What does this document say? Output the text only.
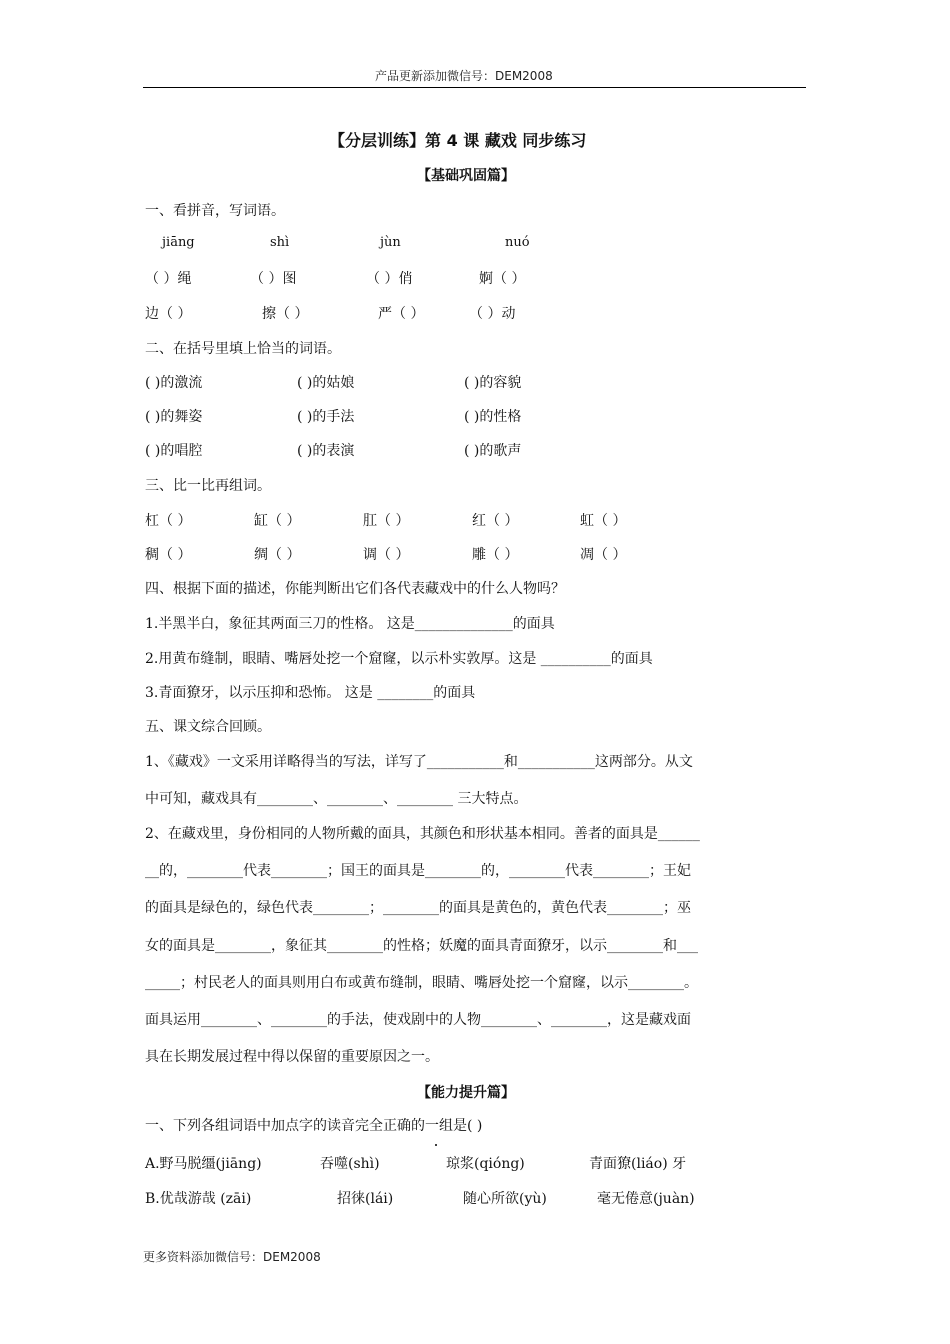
产品更新添加微信号：DEM2008
【分层训练】第 4 课 藏戏 同步练习
【基础巩固篇】
一、看拼音，写词语。
jiāng	shì	jùn	nuó
（ ）绳	（ ）图	（ ）俏	婀（ ）
边（ ）	擦（ ）	严（ ）	（ ）动
二、在括号里填上恰当的词语。
( )的激流	( )的姑娘	( )的容貌
( )的舞姿	( )的手法	( )的性格
( )的唱腔	( )的表演	( )的歌声
三、比一比再组词。
杠（ ）	缸（ ）	肛（ ）	红（ ）	虹（ ）
稠（ ）	绸（ ）	调（ ）	雕（ ）	凋（ ）
四、根据下面的描述，你能判断出它们各代表藏戏中的什么人物吗？
1.半黑半白，象征其两面三刀的性格。 这是______________的面具
2.用黄布缝制，眼睛、嘴唇处挖一个窟窿，以示朴实敦厚。这是 __________的面具
3.青面獠牙，以示压抑和恐怖。 这是 ________的面具
五、课文综合回顾。
1、《藏戏》一文采用详略得当的写法，详写了___________和___________这两部分。从文
中可知，藏戏具有________、________、________ 三大特点。
2、在藏戏里，身份相同的人物所戴的面具，其颜色和形状基本相同。善者的面具是______
__的，________代表________；国王的面具是________的，________代表________；王妃
的面具是绿色的，绿色代表________；________的面具是黄色的，黄色代表________；巫
女的面具是________，象征其________的性格；妖魔的面具青面獠牙，以示________和___
_____；村民老人的面具则用白布或黄布缝制，眼睛、嘴唇处挖一个窟窿，以示________。
面具运用________、________的手法，使戏剧中的人物________、________，这是藏戏面
具在长期发展过程中得以保留的重要原因之一。
【能力提升篇】
一、下列各组词语中加点字的读音完全正确的一组是( )
A.野马脱缰(jiāng)	吞噬(shì)	琼浆(qióng)	青面獠(liáo) 牙
B.优哉游哉 (zāi)	招徕(lái)	随心所欲(yù)	毫无倦意(juàn)
更多资料添加微信号：DEM2008
